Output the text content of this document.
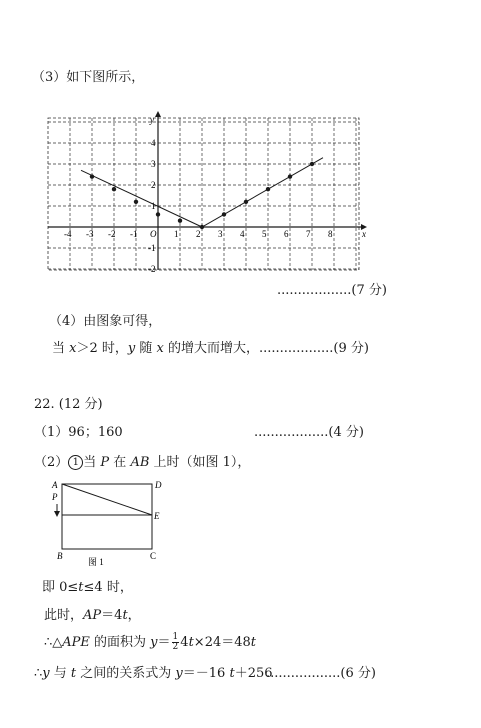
（3）如下图所示，
x
y
-4 -3 -2 -1 O 1 2 3 4 5 6 7 8
4
3
2
1
-1
-2
..................(7 分)
（4）由图象可得，
当 x＞2 时，y 随 x 的增大而增大， ..................(9 分)
22. (12 分)
（1）96；160	..................(4 分)
（2） 1 当 P 在 AB 上时（如图 1），
A	D
P
E
B	C
图 1
即 0≤t≤4 时，
此时，AP＝4t，
∴△APE 的面积为 $y= \frac{1}{2} 4t\times 24=48t$
∴y 与 t 之间的关系式为 y＝－16 t＋256
..................(6 分)
